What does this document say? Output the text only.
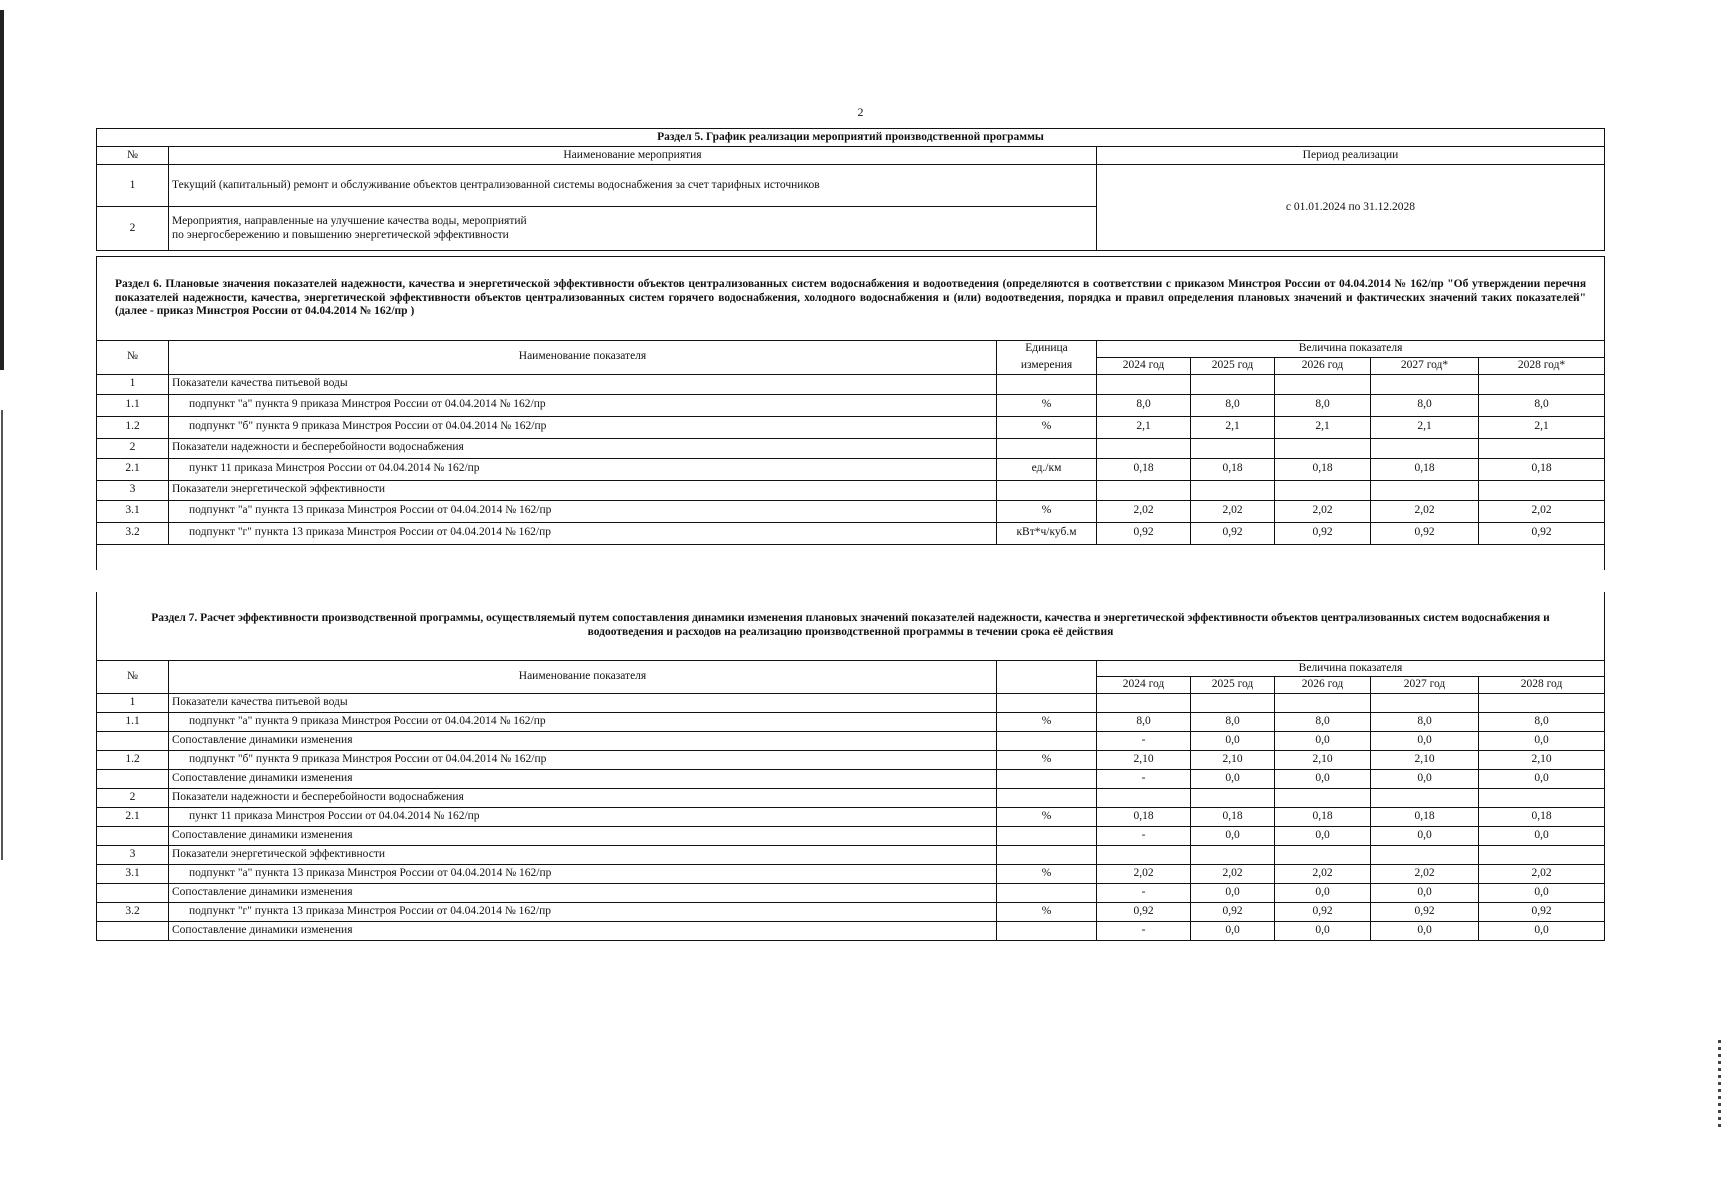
2
Раздел 5. График реализации мероприятий производственной программы		
№	Наименование мероприятия	Период реализации
1	Текущий (капитальный) ремонт и обслуживание объектов централизованной системы водоснабжения за счет тарифных источников	с 01.01.2024 по 31.12.2028
2	Мероприятия, направленные на улучшение качества воды, мероприятий
по энергосбережению и повышению энергетической эффективности	
Раздел 6. Плановые значения показателей надежности, качества и энергетической эффективности объектов централизованных систем водоснабжения и водоотведения (определяются в соответствии с приказом Минстроя России от 04.04.2014 № 162/пр "Об утверждении перечня показателей надежности, качества, энергетической эффективности объектов централизованных систем горячего водоснабжения, холодного водоснабжения и (или) водоотведения, порядка и правил определения плановых значений и фактических значений таких показателей" (далее - приказ Минстроя России от 04.04.2014 № 162/пр )							
№	Наименование показателя	Единица	Величина показателя				
		измерения	2024 год	2025 год	2026 год	2027 год*	2028 год*
1	Показатели качества питьевой воды						
1.1	подпункт "а" пункта 9 приказа Минстроя России от 04.04.2014 № 162/пр	%	8,0	8,0	8,0	8,0	8,0
1.2	подпункт "б" пункта 9 приказа Минстроя России от 04.04.2014 № 162/пр	%	2,1	2,1	2,1	2,1	2,1
2	Показатели надежности и бесперебойности водоснабжения						
2.1	пункт 11 приказа Минстроя России от 04.04.2014 № 162/пр	ед./км	0,18	0,18	0,18	0,18	0,18
3	Показатели энергетической эффективности						
3.1	подпункт "а" пункта 13 приказа Минстроя России от 04.04.2014 № 162/пр	%	2,02	2,02	2,02	2,02	2,02
3.2	подпункт "г" пункта 13 приказа Минстроя России от 04.04.2014 № 162/пр	кВт*ч/куб.м	0,92	0,92	0,92	0,92	0,92

Раздел 7. Расчет эффективности производственной программы, осуществляемый путем сопоставления динамики изменения плановых значений показателей надежности, качества и энергетической эффективности объектов централизованных систем водоснабжения и водоотведения и расходов на реализацию производственной программы в течении срока её действия							
№	Наименование показателя		Величина показателя				
			2024 год	2025 год	2026 год	2027 год	2028 год
1	Показатели качества питьевой воды						
1.1	подпункт "а" пункта 9 приказа Минстроя России от 04.04.2014 № 162/пр	%	8,0	8,0	8,0	8,0	8,0
	Сопоставление динамики изменения		-	0,0	0,0	0,0	0,0
1.2	подпункт "б" пункта 9 приказа Минстроя России от 04.04.2014 № 162/пр	%	2,10	2,10	2,10	2,10	2,10
	Сопоставление динамики изменения		-	0,0	0,0	0,0	0,0
2	Показатели надежности и бесперебойности водоснабжения						
2.1	пункт 11 приказа Минстроя России от 04.04.2014 № 162/пр	%	0,18	0,18	0,18	0,18	0,18
	Сопоставление динамики изменения		-	0,0	0,0	0,0	0,0
3	Показатели энергетической эффективности						
3.1	подпункт "а" пункта 13 приказа Минстроя России от 04.04.2014 № 162/пр	%	2,02	2,02	2,02	2,02	2,02
	Сопоставление динамики изменения		-	0,0	0,0	0,0	0,0
3.2	подпункт "г" пункта 13 приказа Минстроя России от 04.04.2014 № 162/пр	%	0,92	0,92	0,92	0,92	0,92
	Сопоставление динамики изменения		-	0,0	0,0	0,0	0,0
